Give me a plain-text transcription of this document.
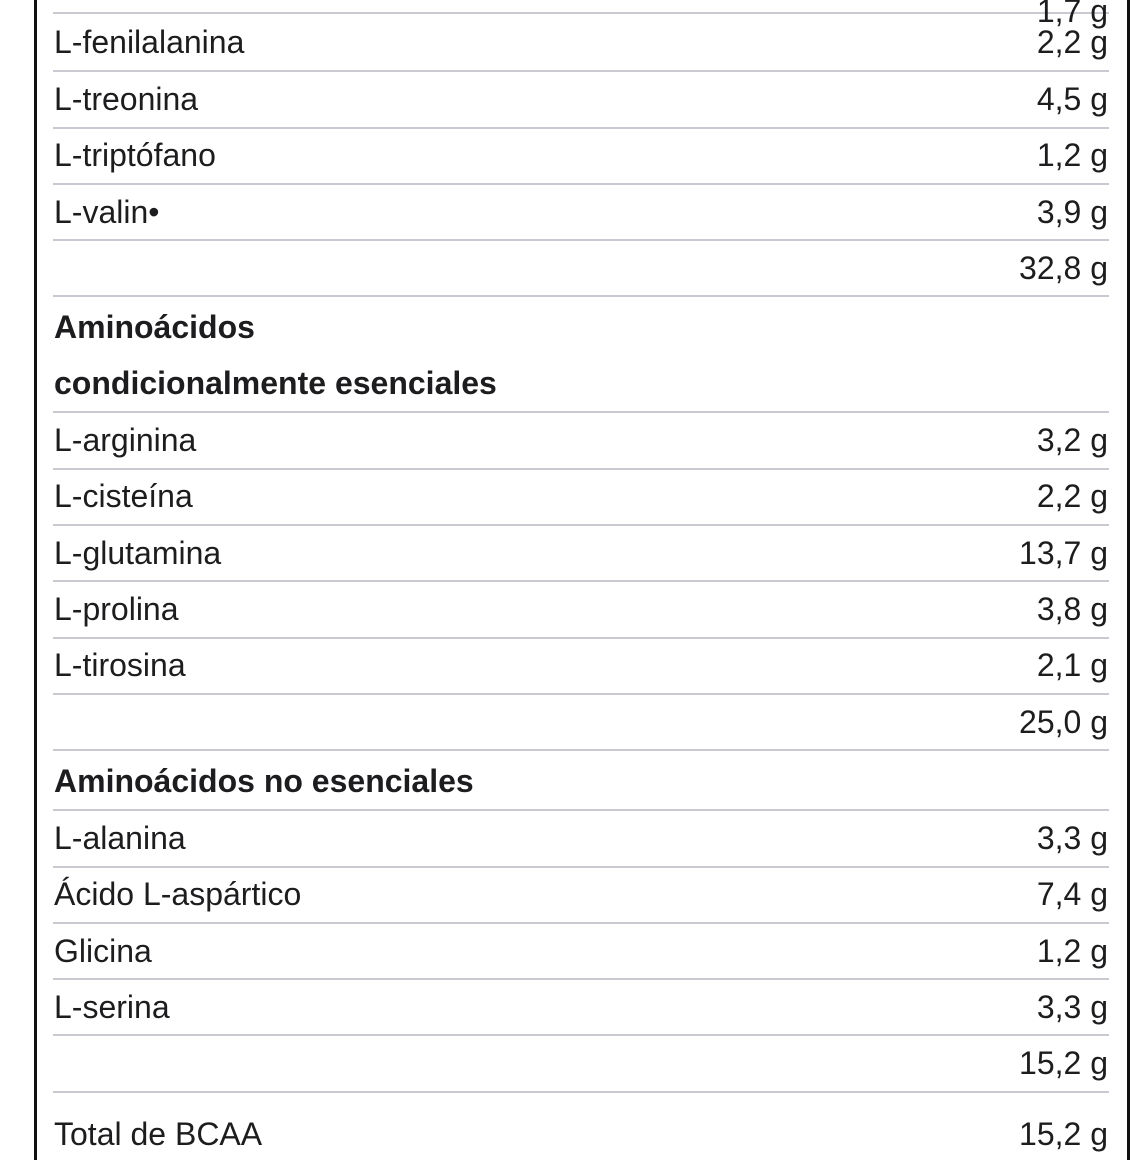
1,7 g
L-fenilalanina	2,2 g
L-treonina	4,5 g
L-triptófano	1,2 g
L-valin•	3,9 g
32,8 g
Aminoácidos
condicionalmente esenciales
L-arginina	3,2 g
L-cisteína	2,2 g
L-glutamina	13,7 g
L-prolina	3,8 g
L-tirosina	2,1 g
25,0 g
Aminoácidos no esenciales
L-alanina	3,3 g
Ácido L-aspártico	7,4 g
Glicina	1,2 g
L-serina	3,3 g
15,2 g
Total de BCAA	15,2 g
